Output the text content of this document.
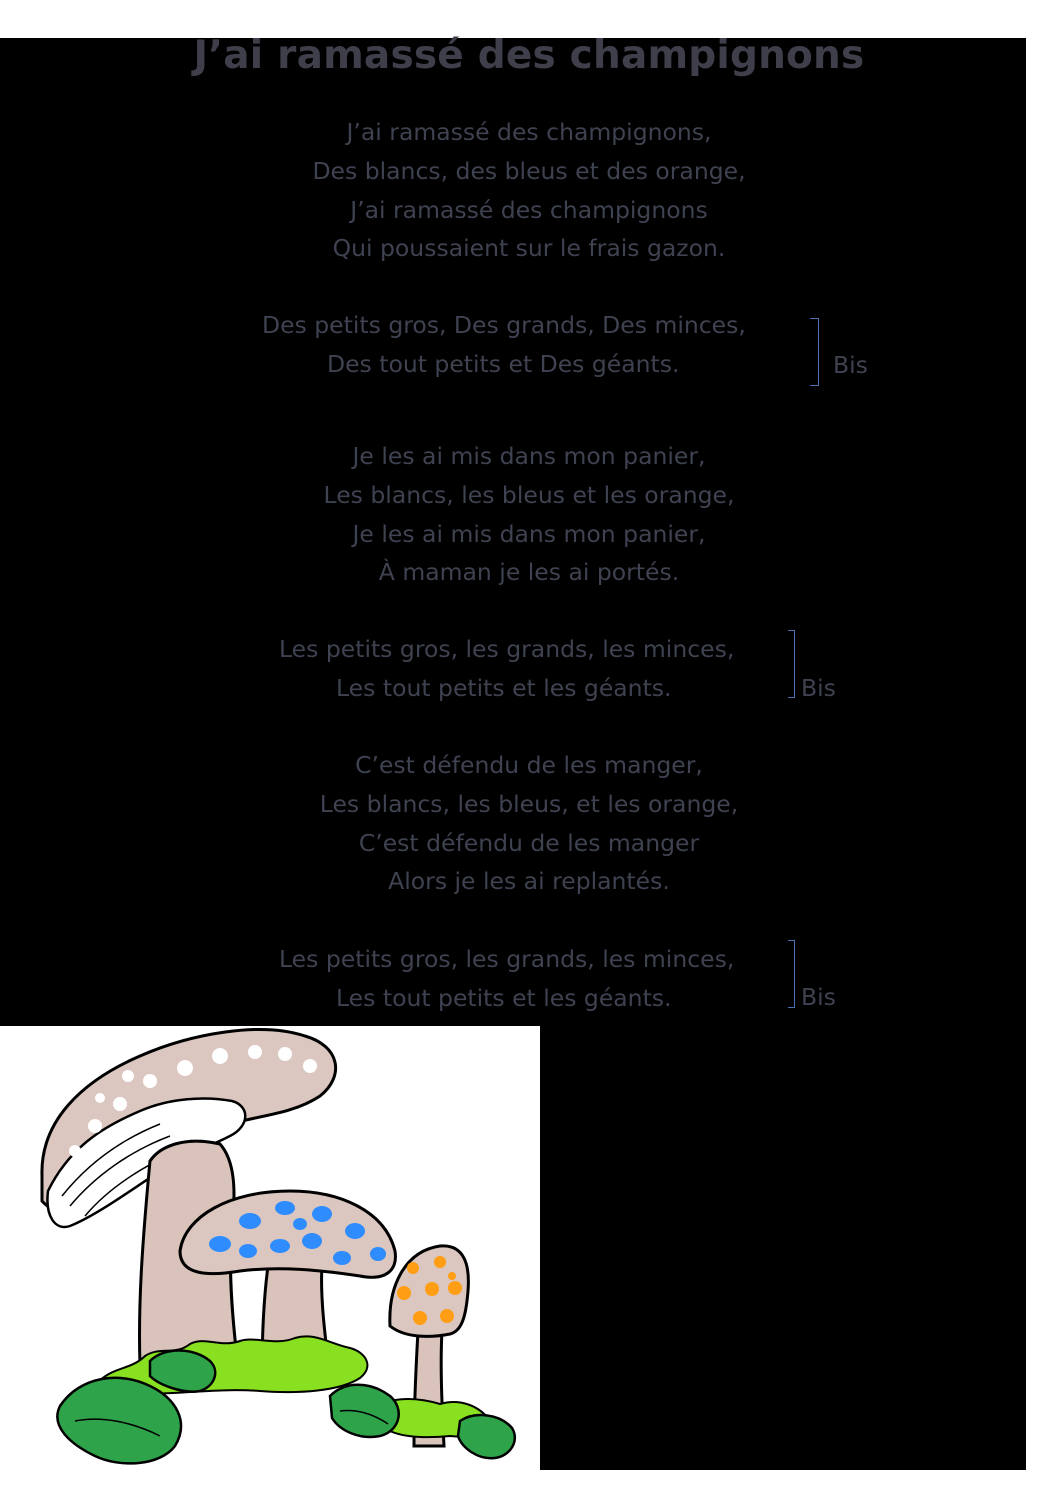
J’ai ramassé des champignons
J’ai ramassé des champignons,
Des blancs, des bleus et des orange,
J’ai ramassé des champignons
Qui poussaient sur le frais gazon.
Des petits gros, Des grands, Des minces,
Des tout petits et Des géants.	Bis
Je les ai mis dans mon panier,
Les blancs, les bleus et les orange,
Je les ai mis dans mon panier,
À maman je les ai portés.
Les petits gros, les grands, les minces,
Les tout petits et les géants.	Bis
C’est défendu de les manger,
Les blancs, les bleus, et les orange,
C’est défendu de les manger
Alors je les ai replantés.
Les petits gros, les grands, les minces,
Les tout petits et les géants.	Bis
